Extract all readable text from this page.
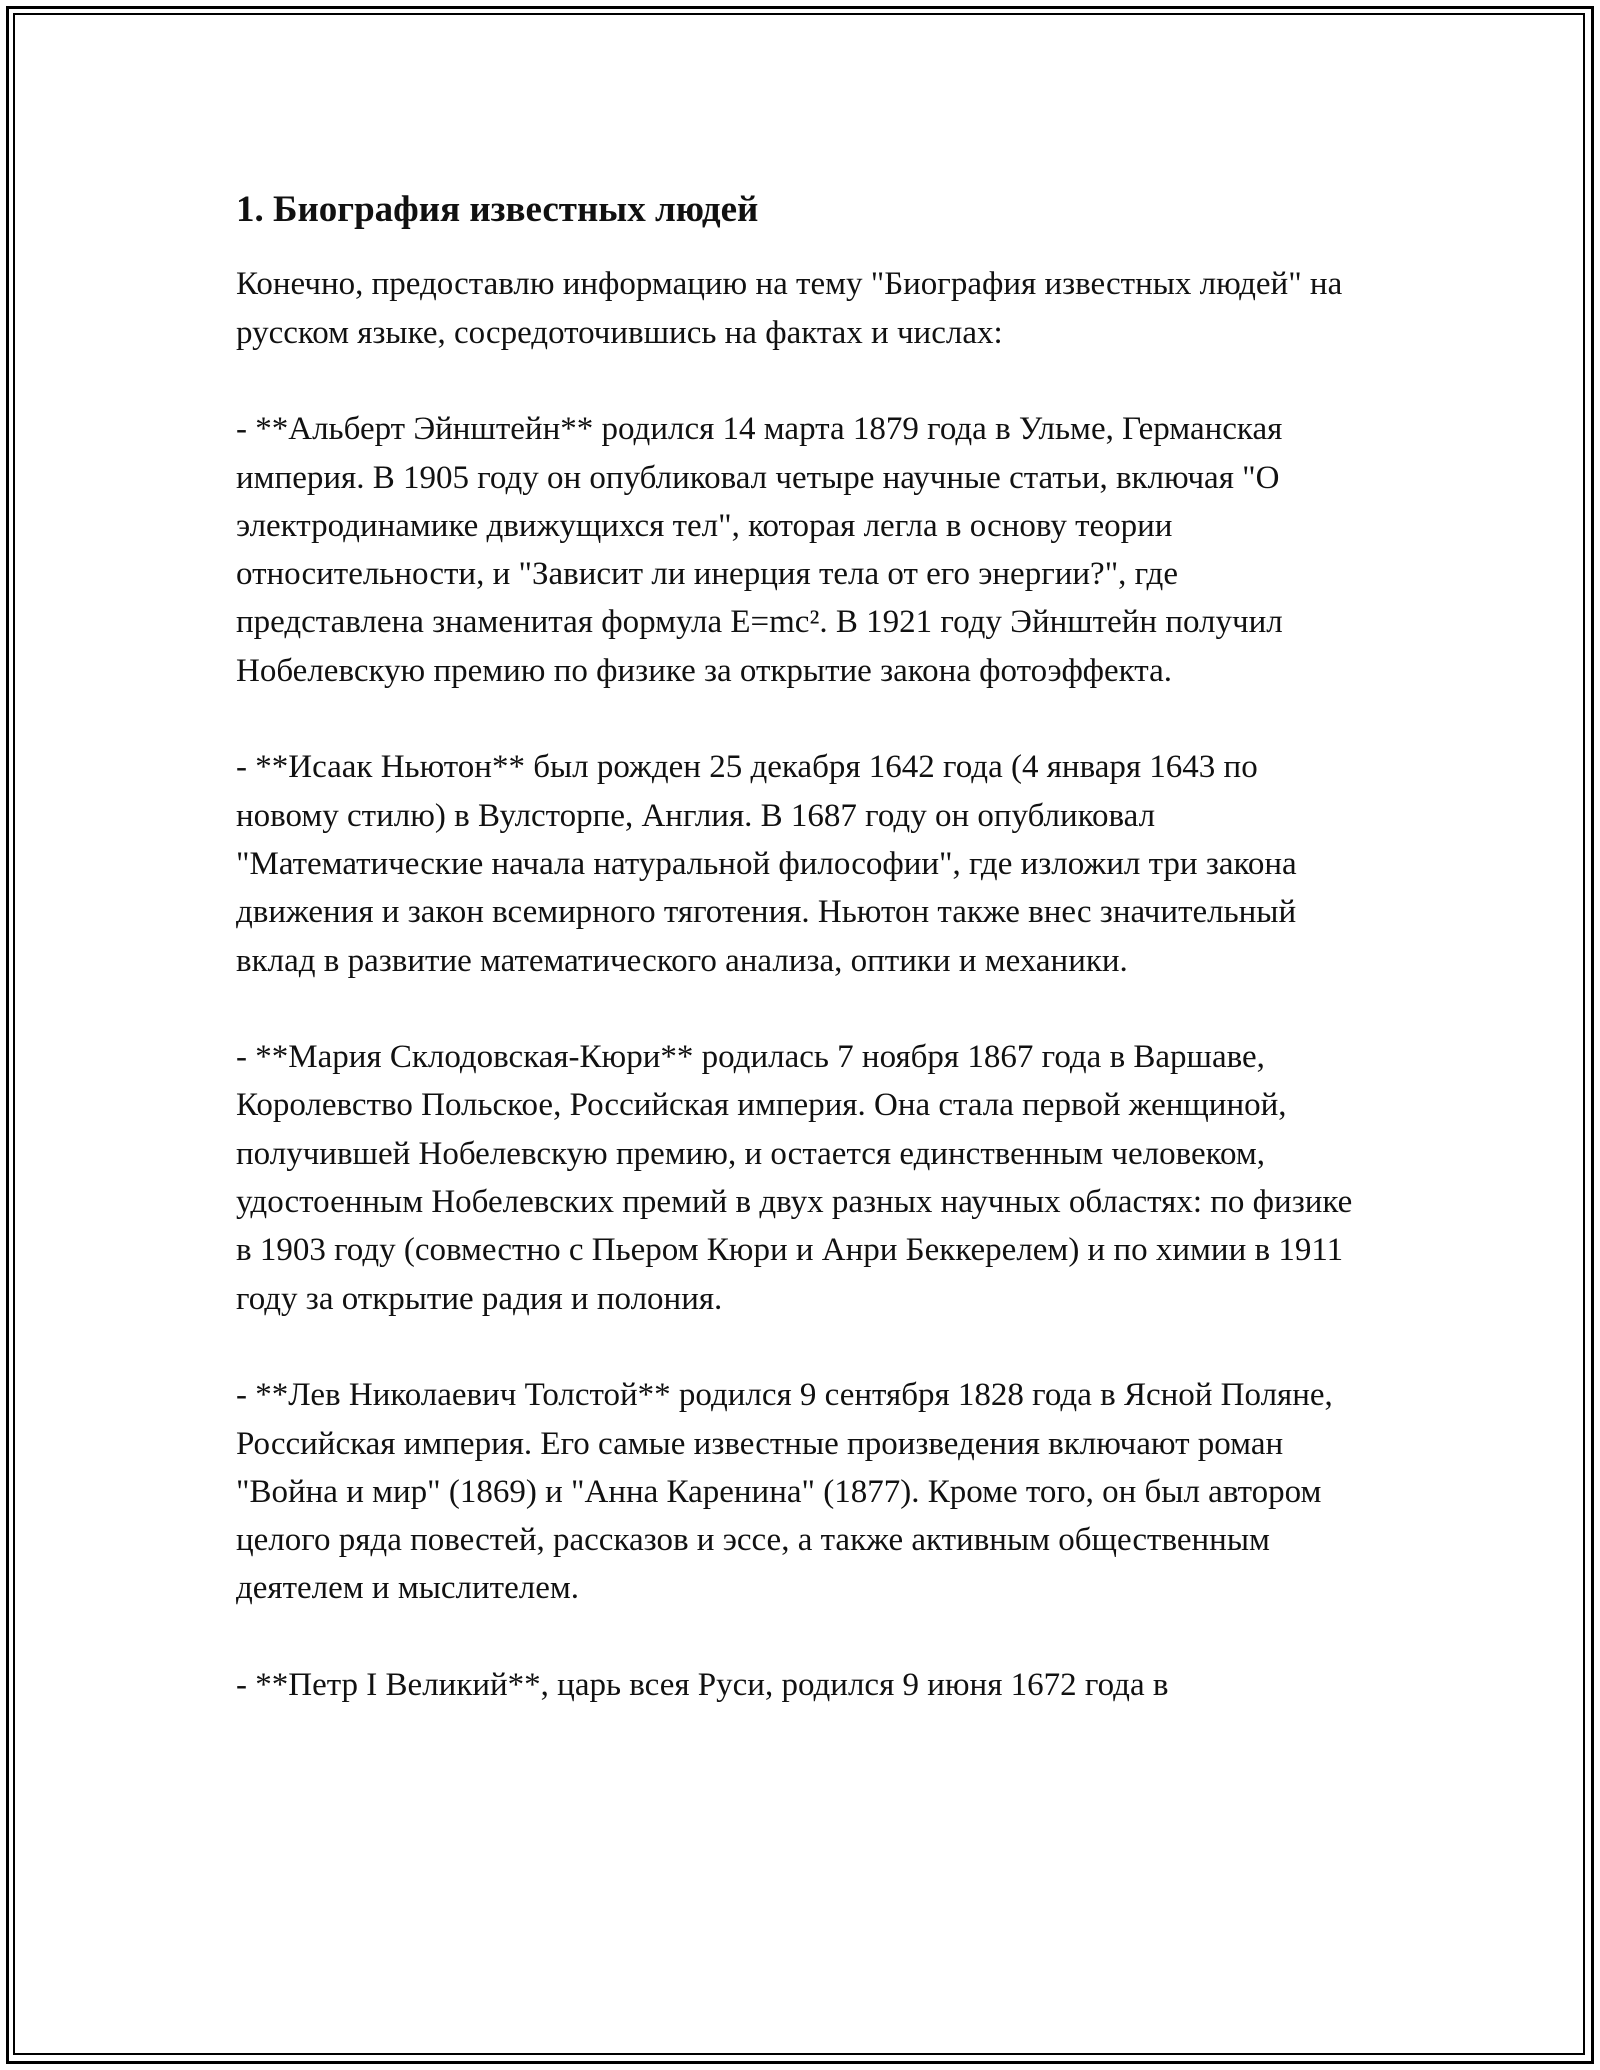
1. Биография известных людей

Конечно, предоставлю информацию на тему "Биография известных людей" на русском языке, сосредоточившись на фактах и числах:

- **Альберт Эйнштейн** родился 14 марта 1879 года в Ульме, Германская империя. В 1905 году он опубликовал четыре научные статьи, включая "О электродинамике движущихся тел", которая легла в основу теории относительности, и "Зависит ли инерция тела от его энергии?", где представлена знаменитая формула E=mc². В 1921 году Эйнштейн получил Нобелевскую премию по физике за открытие закона фотоэффекта.

- **Исаак Ньютон** был рожден 25 декабря 1642 года (4 января 1643 по новому стилю) в Вулсторпе, Англия. В 1687 году он опубликовал "Математические начала натуральной философии", где изложил три закона движения и закон всемирного тяготения. Ньютон также внес значительный вклад в развитие математического анализа, оптики и механики.

- **Мария Склодовская-Кюри** родилась 7 ноября 1867 года в Варшаве, Королевство Польское, Российская империя. Она стала первой женщиной, получившей Нобелевскую премию, и остается единственным человеком, удостоенным Нобелевских премий в двух разных научных областях: по физике в 1903 году (совместно с Пьером Кюри и Анри Беккерелем) и по химии в 1911 году за открытие радия и полония.

- **Лев Николаевич Толстой** родился 9 сентября 1828 года в Ясной Поляне, Российская империя. Его самые известные произведения включают роман "Война и мир" (1869) и "Анна Каренина" (1877). Кроме того, он был автором целого ряда повестей, рассказов и эссе, а также активным общественным деятелем и мыслителем.

- **Петр I Великий**, царь всея Руси, родился 9 июня 1672 года в
